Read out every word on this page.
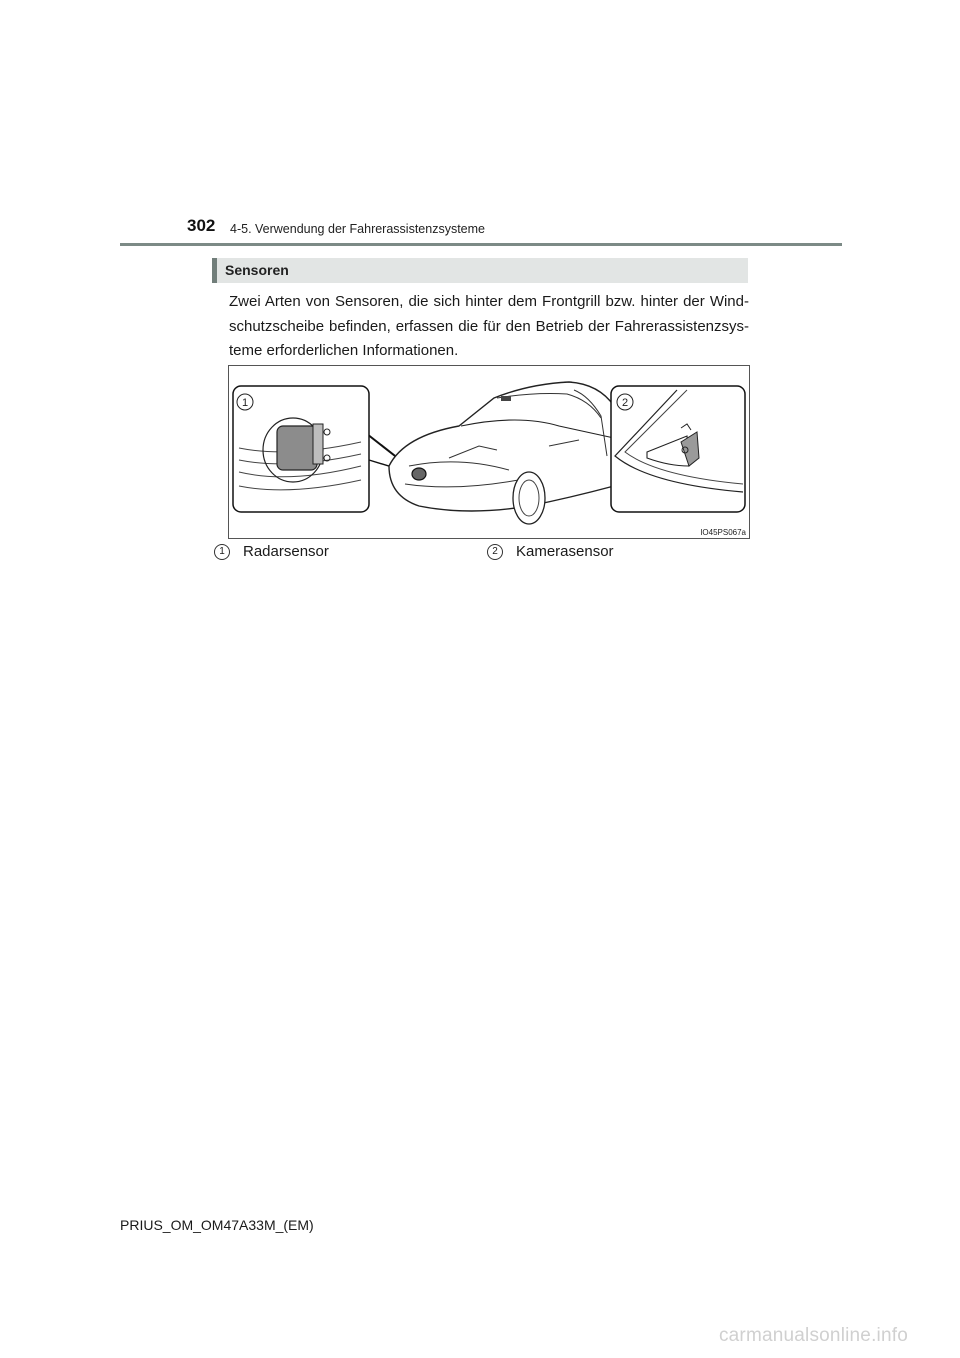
302 4-5. Verwendung der Fahrerassistenzsysteme
Sensoren
Zwei Arten von Sensoren, die sich hinter dem Frontgrill bzw. hinter der Wind-schutzscheibe befinden, erfassen die für den Betrieb der Fahrerassistenzsys-teme erforderlichen Informationen.
1	2
IO45PS067a
1	Radarsensor	2	Kamerasensor
PRIUS_OM_OM47A33M_(EM)
carmanualsonline.info
